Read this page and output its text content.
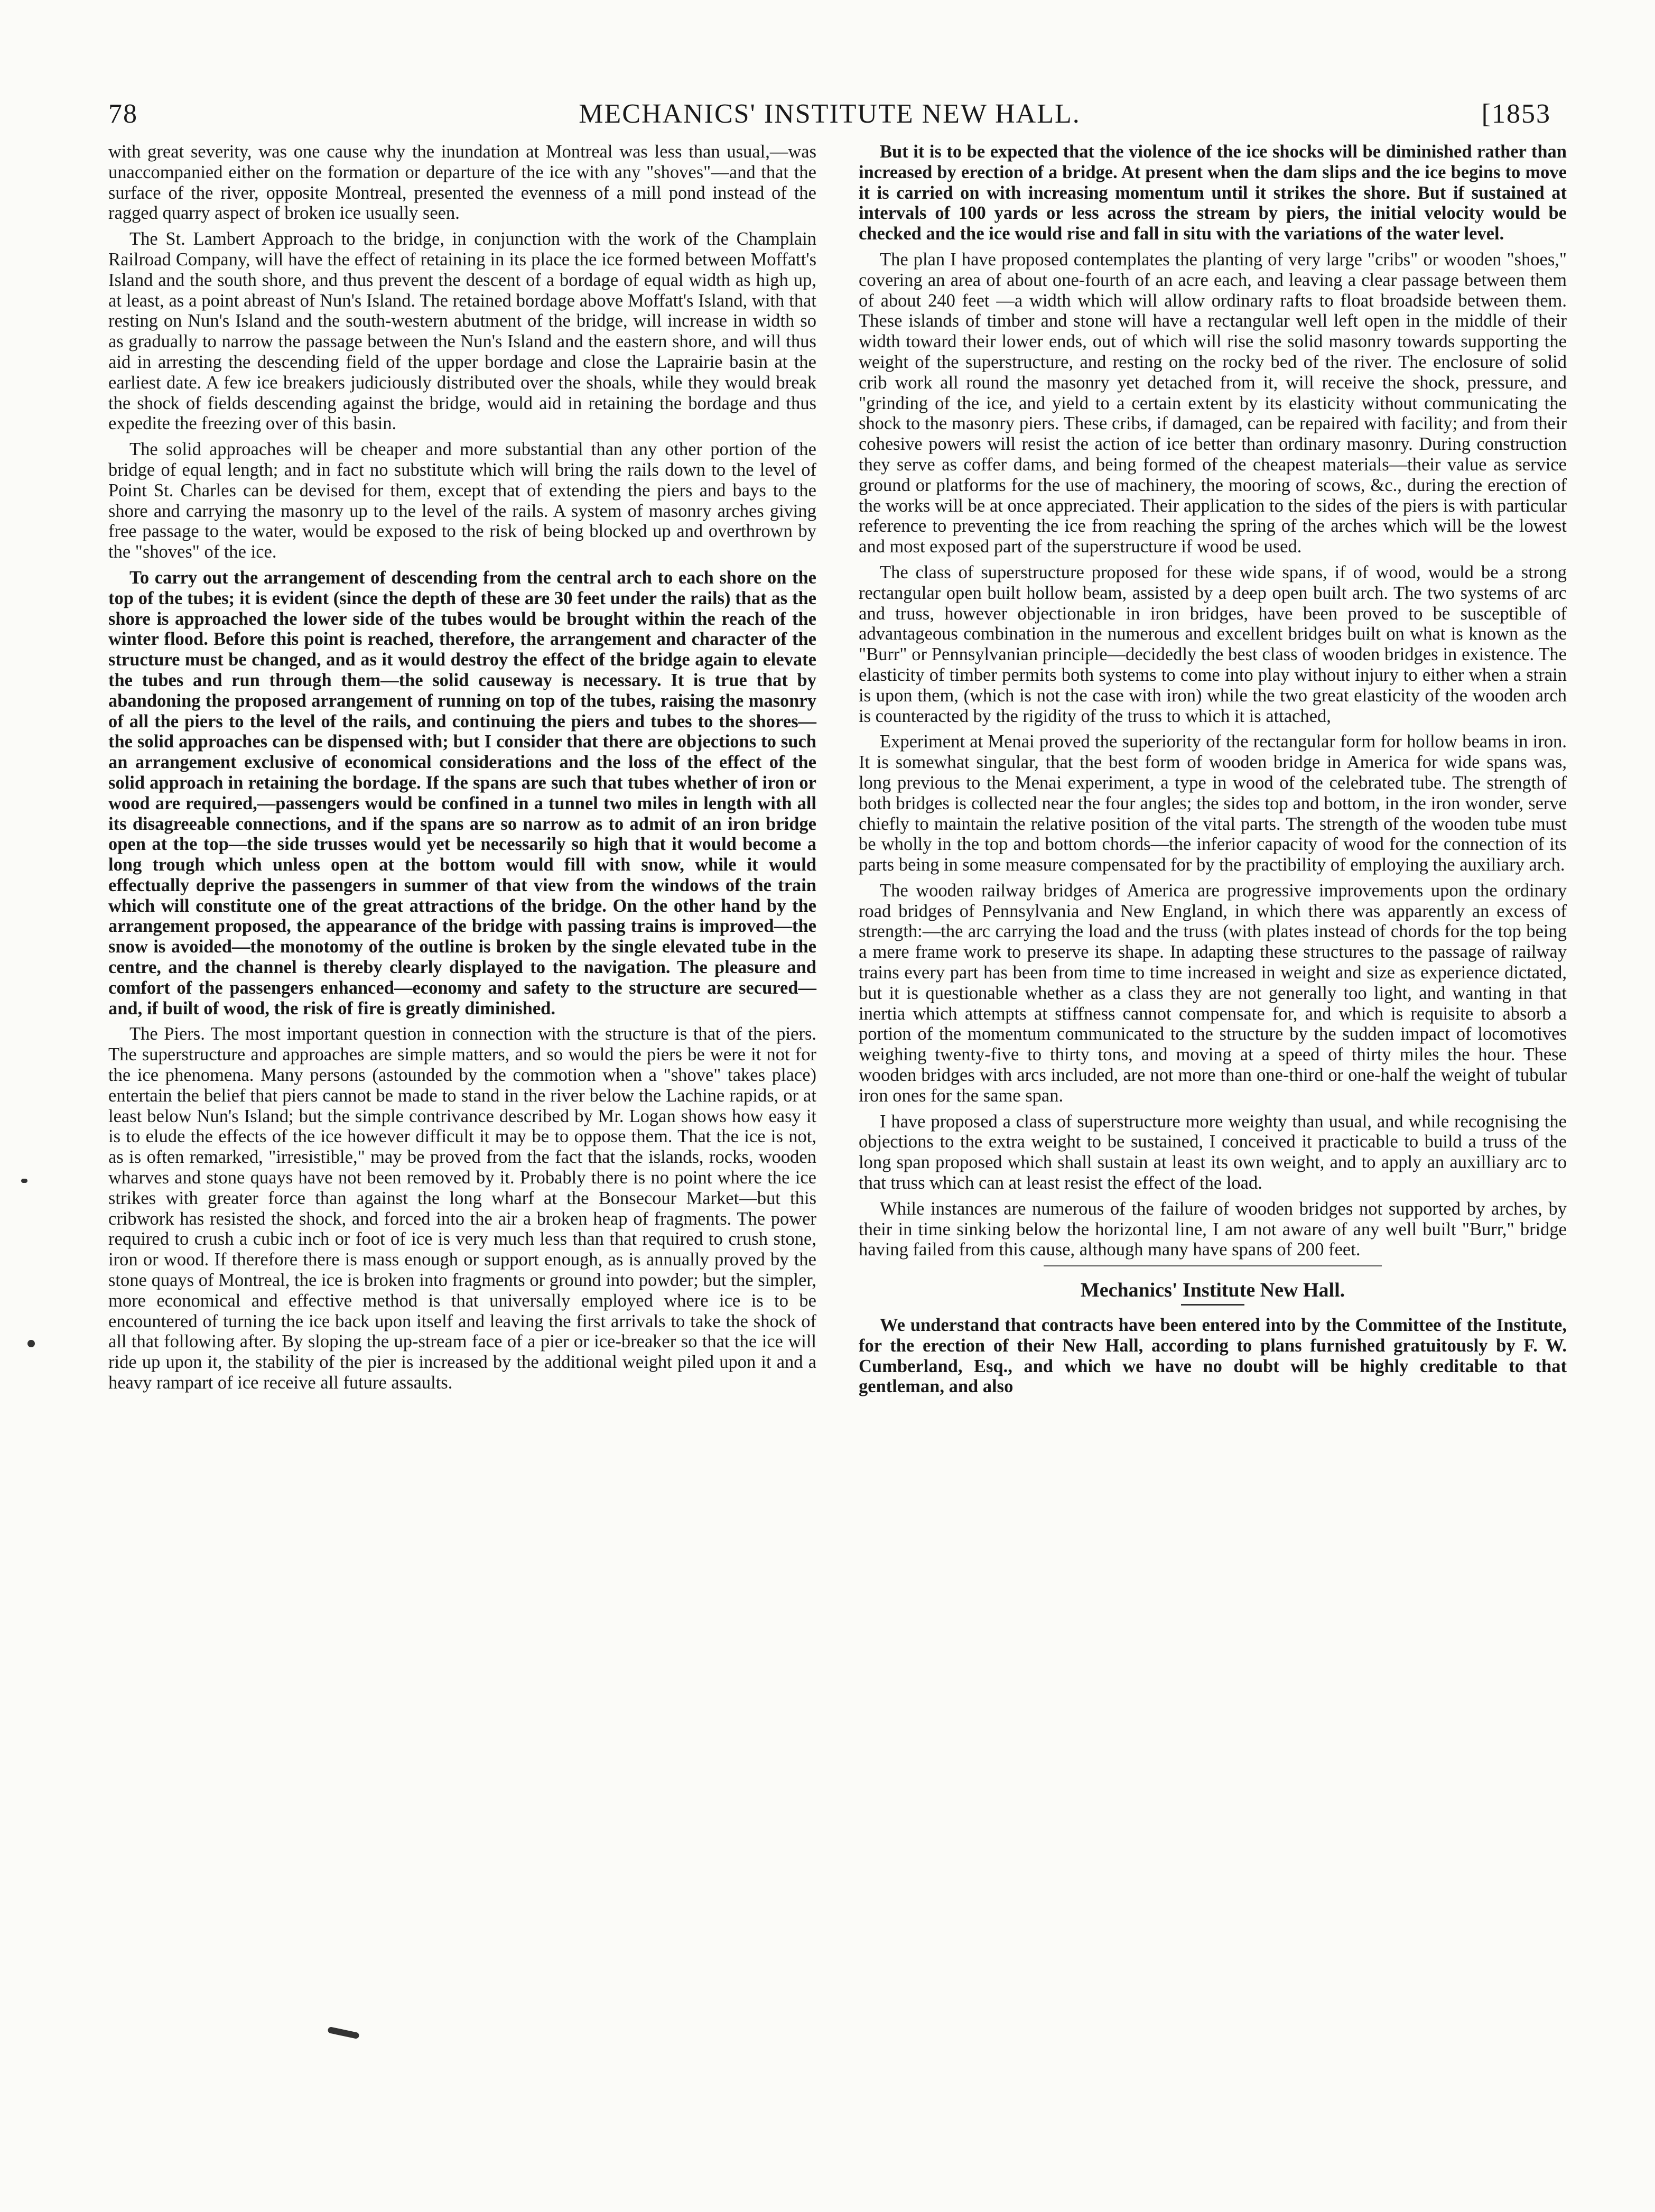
78	MECHANICS' INSTITUTE NEW HALL.	[1853

with great severity, was one cause why the inundation at Montreal was less than usual,—was unaccompanied either on the formation or departure of the ice with any "shoves"—and that the surface of the river, opposite Montreal, presented the evenness of a mill pond instead of the ragged quarry aspect of broken ice usually seen.

The St. Lambert Approach to the bridge, in conjunction with the work of the Champlain Railroad Company, will have the effect of retaining in its place the ice formed between Moffatt's Island and the south shore, and thus prevent the descent of a bordage of equal width as high up, at least, as a point abreast of Nun's Island. The retained bordage above Moffatt's Island, with that resting on Nun's Island and the south-western abutment of the bridge, will increase in width so as gradually to narrow the passage between the Nun's Island and the eastern shore, and will thus aid in arresting the descending field of the upper bordage and close the Laprairie basin at the earliest date. A few ice breakers judiciously distributed over the shoals, while they would break the shock of fields descending against the bridge, would aid in retaining the bordage and thus expedite the freezing over of this basin.

The solid approaches will be cheaper and more substantial than any other portion of the bridge of equal length; and in fact no substitute which will bring the rails down to the level of Point St. Charles can be devised for them, except that of extending the piers and bays to the shore and carrying the masonry up to the level of the rails. A system of masonry arches giving free passage to the water, would be exposed to the risk of being blocked up and overthrown by the "shoves" of the ice.

To carry out the arrangement of descending from the central arch to each shore on the top of the tubes; it is evident (since the depth of these are 30 feet under the rails) that as the shore is approached the lower side of the tubes would be brought within the reach of the winter flood. Before this point is reached, therefore, the arrangement and character of the structure must be changed, and as it would destroy the effect of the bridge again to elevate the tubes and run through them—the solid causeway is necessary. It is true that by abandoning the proposed arrangement of running on top of the tubes, raising the masonry of all the piers to the level of the rails, and continuing the piers and tubes to the shores—the solid approaches can be dispensed with; but I consider that there are objections to such an arrangement exclusive of economical considerations and the loss of the effect of the solid approach in retaining the bordage. If the spans are such that tubes whether of iron or wood are required,—passengers would be confined in a tunnel two miles in length with all its disagreeable connections, and if the spans are so narrow as to admit of an iron bridge open at the top—the side trusses would yet be necessarily so high that it would become a long trough which unless open at the bottom would fill with snow, while it would effectually deprive the passengers in summer of that view from the windows of the train which will constitute one of the great attractions of the bridge. On the other hand by the arrangement proposed, the appearance of the bridge with passing trains is improved—the snow is avoided—the monotomy of the outline is broken by the single elevated tube in the centre, and the channel is thereby clearly displayed to the navigation. The pleasure and comfort of the passengers enhanced—economy and safety to the structure are secured—and, if built of wood, the risk of fire is greatly diminished.

The Piers. The most important question in connection with the structure is that of the piers. The superstructure and approaches are simple matters, and so would the piers be were it not for the ice phenomena. Many persons (astounded by the commotion when a "shove" takes place) entertain the belief that piers cannot be made to stand in the river below the Lachine rapids, or at least below Nun's Island; but the simple contrivance described by Mr. Logan shows how easy it is to elude the effects of the ice however difficult it may be to oppose them. That the ice is not, as is often remarked, "irresistible," may be proved from the fact that the islands, rocks, wooden wharves and stone quays have not been removed by it. Probably there is no point where the ice strikes with greater force than against the long wharf at the Bonsecour Market—but this cribwork has resisted the shock, and forced into the air a broken heap of fragments. The power required to crush a cubic inch or foot of ice is very much less than that required to crush stone, iron or wood. If therefore there is mass enough or support enough, as is annually proved by the stone quays of Montreal, the ice is broken into fragments or ground into powder; but the simpler, more economical and effective method is that universally employed where ice is to be encountered of turning the ice back upon itself and leaving the first arrivals to take the shock of all that following after. By sloping the up-stream face of a pier or ice-breaker so that the ice will ride up upon it, the stability of the pier is increased by the additional weight piled upon it and a heavy rampart of ice receive all future assaults.

But it is to be expected that the violence of the ice shocks will be diminished rather than increased by erection of a bridge. At present when the dam slips and the ice begins to move it is carried on with increasing momentum until it strikes the shore. But if sustained at intervals of 100 yards or less across the stream by piers, the initial velocity would be checked and the ice would rise and fall in situ with the variations of the water level.

The plan I have proposed contemplates the planting of very large "cribs" or wooden "shoes," covering an area of about one-fourth of an acre each, and leaving a clear passage between them of about 240 feet —a width which will allow ordinary rafts to float broadside between them. These islands of timber and stone will have a rectangular well left open in the middle of their width toward their lower ends, out of which will rise the solid masonry towards supporting the weight of the superstructure, and resting on the rocky bed of the river. The enclosure of solid crib work all round the masonry yet detached from it, will receive the shock, pressure, and "grinding of the ice, and yield to a certain extent by its elasticity without communicating the shock to the masonry piers. These cribs, if damaged, can be repaired with facility; and from their cohesive powers will resist the action of ice better than ordinary masonry. During construction they serve as coffer dams, and being formed of the cheapest materials—their value as service ground or platforms for the use of machinery, the mooring of scows, &c., during the erection of the works will be at once appreciated. Their application to the sides of the piers is with particular reference to preventing the ice from reaching the spring of the arches which will be the lowest and most exposed part of the superstructure if wood be used.

The class of superstructure proposed for these wide spans, if of wood, would be a strong rectangular open built hollow beam, assisted by a deep open built arch. The two systems of arc and truss, however objectionable in iron bridges, have been proved to be susceptible of advantageous combination in the numerous and excellent bridges built on what is known as the "Burr" or Pennsylvanian principle—decidedly the best class of wooden bridges in existence. The elasticity of timber permits both systems to come into play without injury to either when a strain is upon them, (which is not the case with iron) while the two great elasticity of the wooden arch is counteracted by the rigidity of the truss to which it is attached,

Experiment at Menai proved the superiority of the rectangular form for hollow beams in iron. It is somewhat singular, that the best form of wooden bridge in America for wide spans was, long previous to the Menai experiment, a type in wood of the celebrated tube. The strength of both bridges is collected near the four angles; the sides top and bottom, in the iron wonder, serve chiefly to maintain the relative position of the vital parts. The strength of the wooden tube must be wholly in the top and bottom chords—the inferior capacity of wood for the connection of its parts being in some measure compensated for by the practibility of employing the auxiliary arch.

The wooden railway bridges of America are progressive improvements upon the ordinary road bridges of Pennsylvania and New England, in which there was apparently an excess of strength:—the arc carrying the load and the truss (with plates instead of chords for the top being a mere frame work to preserve its shape. In adapting these structures to the passage of railway trains every part has been from time to time increased in weight and size as experience dictated, but it is questionable whether as a class they are not generally too light, and wanting in that inertia which attempts at stiffness cannot compensate for, and which is requisite to absorb a portion of the momentum communicated to the structure by the sudden impact of locomotives weighing twenty-five to thirty tons, and moving at a speed of thirty miles the hour. These wooden bridges with arcs included, are not more than one-third or one-half the weight of tubular iron ones for the same span.

I have proposed a class of superstructure more weighty than usual, and while recognising the objections to the extra weight to be sustained, I conceived it practicable to build a truss of the long span proposed which shall sustain at least its own weight, and to apply an auxilliary arc to that truss which can at least resist the effect of the load.

While instances are numerous of the failure of wooden bridges not supported by arches, by their in time sinking below the horizontal line, I am not aware of any well built "Burr," bridge having failed from this cause, although many have spans of 200 feet.

Mechanics' Institute New Hall.

We understand that contracts have been entered into by the Committee of the Institute, for the erection of their New Hall, according to plans furnished gratuitously by F. W. Cumberland, Esq., and which we have no doubt will be highly creditable to that gentleman, and also
